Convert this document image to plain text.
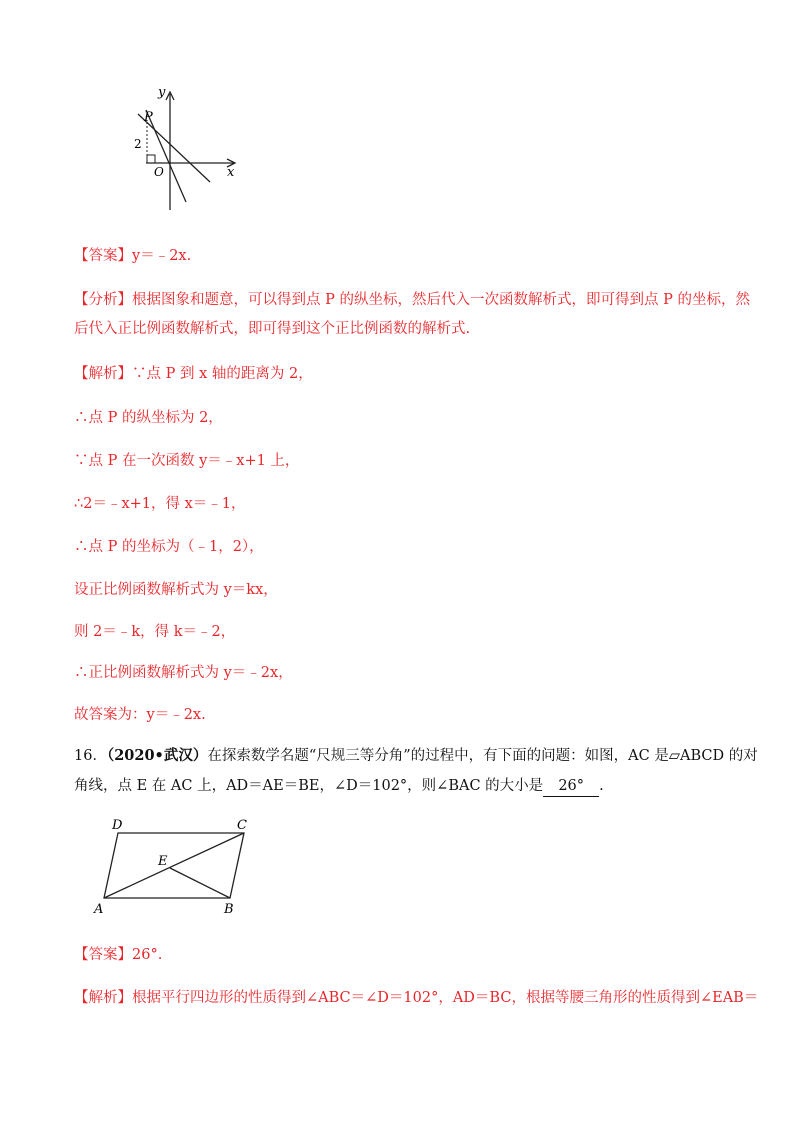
y
x
P
O
2
【答案】y＝﹣2x.
【分析】根据图象和题意，可以得到点 P 的纵坐标，然后代入一次函数解析式，即可得到点 P 的坐标，然
后代入正比例函数解析式，即可得到这个正比例函数的解析式.
【解析】∵点 P 到 x 轴的距离为 2，
∴点 P 的纵坐标为 2，
∵点 P 在一次函数 y＝﹣x+1 上，
∴2＝﹣x+1，得 x＝﹣1，
∴点 P 的坐标为（﹣1，2），
设正比例函数解析式为 y＝kx，
则 2＝﹣k，得 k＝﹣2，
∴正比例函数解析式为 y＝﹣2x，
故答案为：y＝﹣2x.
16．（2020•武汉）在探索数学名题“尺规三等分角”的过程中，有下面的问题：如图，AC 是▱ABCD 的对
角线，点 E 在 AC 上，AD＝AE＝BE，∠D＝102°，则∠BAC 的大小是 26° .
D	C
E
A	B
【答案】26°.
【解析】根据平行四边形的性质得到∠ABC＝∠D＝102°，AD＝BC，根据等腰三角形的性质得到∠EAB＝
